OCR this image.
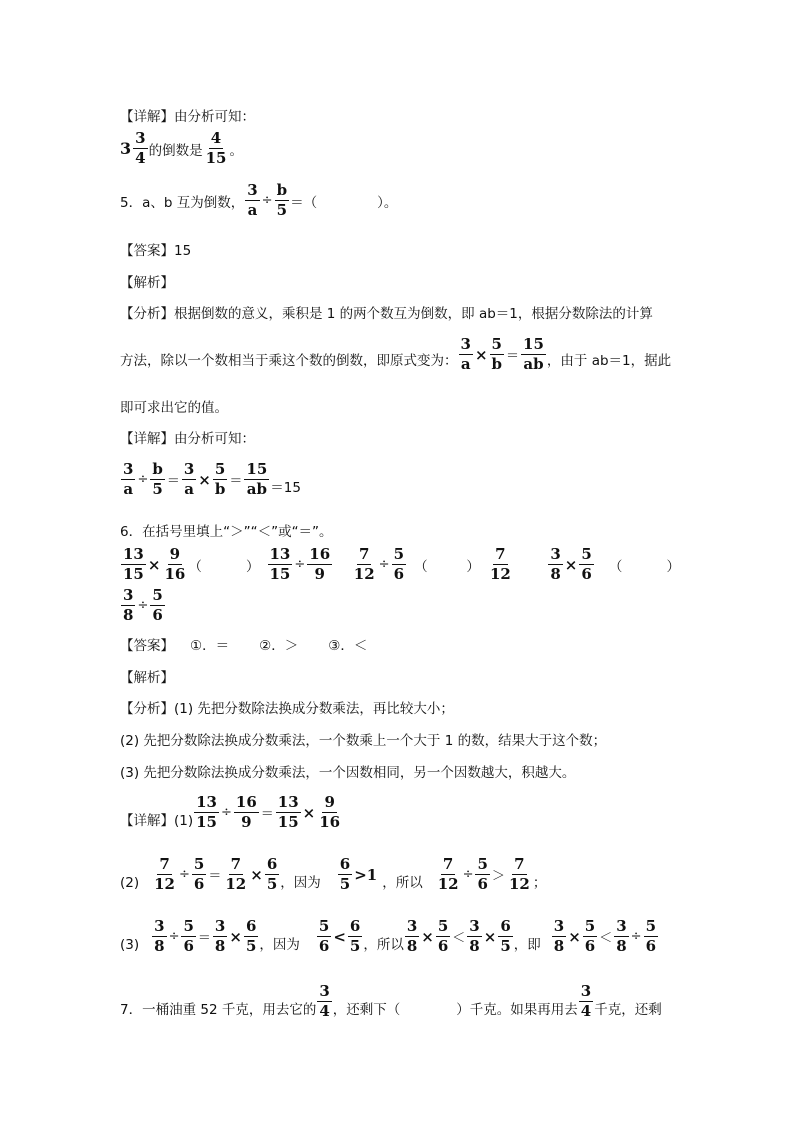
【详解】由分析可知：
3
3
4 的倒数是
4
15 。
5．a、b 互为倒数， $\frac{3}{a} \div \frac{b}{5}$ ＝（	）。
【答案】15
【解析】
【分析】根据倒数的意义，乘积是 1 的两个数互为倒数，即 ab＝1，根据分数除法的计算
方法，除以一个数相当于乘这个数的倒数，即原式变为： $\frac{3}{a} \times \frac{5}{b}$ ＝
15
ab ，由于 ab＝1，据此
即可求出它的值。
【详解】由分析可知：
$\frac{3}{a} \div \frac{b}{5} = \frac{3}{a} \times \frac{5}{b}$ ＝
15
ab ＝15
6．在括号里填上“＞”“＜”或“＝”。
$\frac{13}{15} \times \frac{9}{16}$ （	） $\frac{13}{15} \div \frac{16}{9} \frac{7}{12} \div \frac{5}{6}$ （	）
7
12	$\frac{3}{8} \times \frac{5}{6}$ （	）
$\frac{3}{8} \div \frac{5}{6}$
【答案】 ①．＝ ②．＞ ③．＜
【解析】
【分析】(1) 先把分数除法换成分数乘法，再比较大小；
(2) 先把分数除法换成分数乘法，一个数乘上一个大于 1 的数，结果大于这个数；
(3) 先把分数除法换成分数乘法，一个因数相同，另一个因数越大，积越大。
【详解】$(1) \frac{13}{15} \div \frac{16}{9} = \frac{13}{15} \times \frac{9}{16}$
$(2) \frac{7}{12} \div \frac{5}{6} = \frac{7}{12} \times \frac{6}{5}$ ，因为
6
5
>1 ，所以 $\frac{7}{12} \div \frac{5}{6}$ ＞
7
12 ；
$(3) \frac{3}{8} \div \frac{5}{6} = \frac{3}{8} \times \frac{6}{5}$ ，因为
5
6
<
6
5 ，所以 $\frac{3}{8} \times \frac{5}{6} < \frac{3}{8} \times \frac{6}{5}$ ，即 $\frac{3}{8} \times \frac{5}{6} < \frac{3}{8} \div \frac{5}{6}$
7．一桶油重 52 千克，用去它的
3
4 ，还剩下（	）千克。如果再用去
3
4 千克，还剩
